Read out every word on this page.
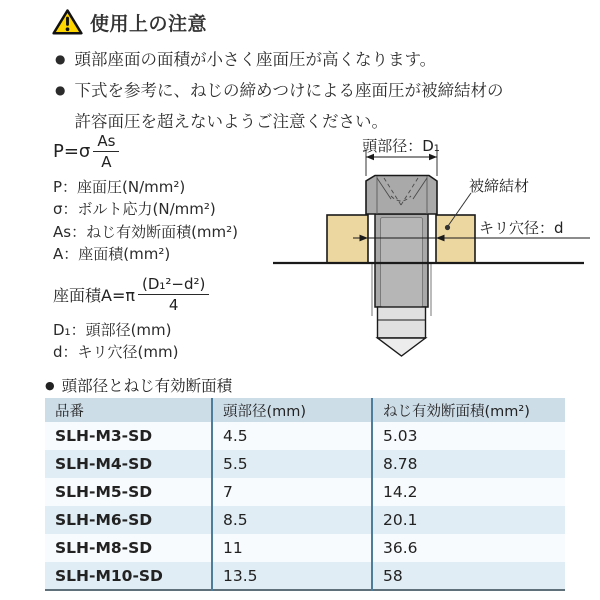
使用上の注意
● 頭部座面の面積が小さく座面圧が高くなります。
● 下式を参考に、ねじの締めつけによる座面圧が被締結材の
許容面圧を超えないようご注意ください。
$P=\sigma \frac{As}{A}$
P：座面圧(N/mm²)
σ：ボルト応力(N/mm²)
As：ねじ有効断面積(mm²)
A：座面積(mm²)
座面積$A=\pi \frac{\text{(D₁²−d²)}}{4}$
D₁：頭部径(mm)
d：キリ穴径(mm)
キリ穴径：d
頭部径：D₁
被締結材
● 頭部径とねじ有効断面積
品番	頭部径(mm)	ねじ有効断面積(mm²)
SLH-M3-SD	4.5	5.03
SLH-M4-SD	5.5	8.78
SLH-M5-SD	7	14.2
SLH-M6-SD	8.5	20.1
SLH-M8-SD	11	36.6
SLH-M10-SD	13.5	58
